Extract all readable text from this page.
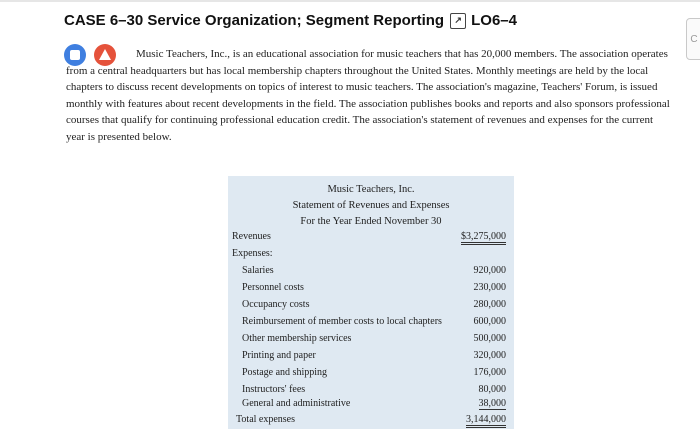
C
CASE 6–30 Service Organization; Segment Reporting	↗ LO6–4
Music Teachers, Inc., is an educational association for music teachers that has 20,000 members. The association operates from a central headquarters but has local membership chapters throughout the United States. Monthly meetings are held by the local chapters to discuss recent developments on topics of interest to music teachers. The association's magazine, Teachers' Forum, is issued monthly with features about recent developments in the field. The association publishes books and reports and also sponsors professional courses that qualify for continuing professional education credit. The association's statement of revenues and expenses for the current year is presented below.
Music Teachers, Inc.
Statement of Revenues and Expenses
For the Year Ended November 30
Revenues	$3,275,000
Expenses:
Salaries	920,000
Personnel costs	230,000
Occupancy costs	280,000
Reimbursement of member costs to local chapters	600,000
Other membership services	500,000
Printing and paper	320,000
Postage and shipping	176,000
Instructors' fees	80,000
General and administrative	38,000
Total expenses	3,144,000
